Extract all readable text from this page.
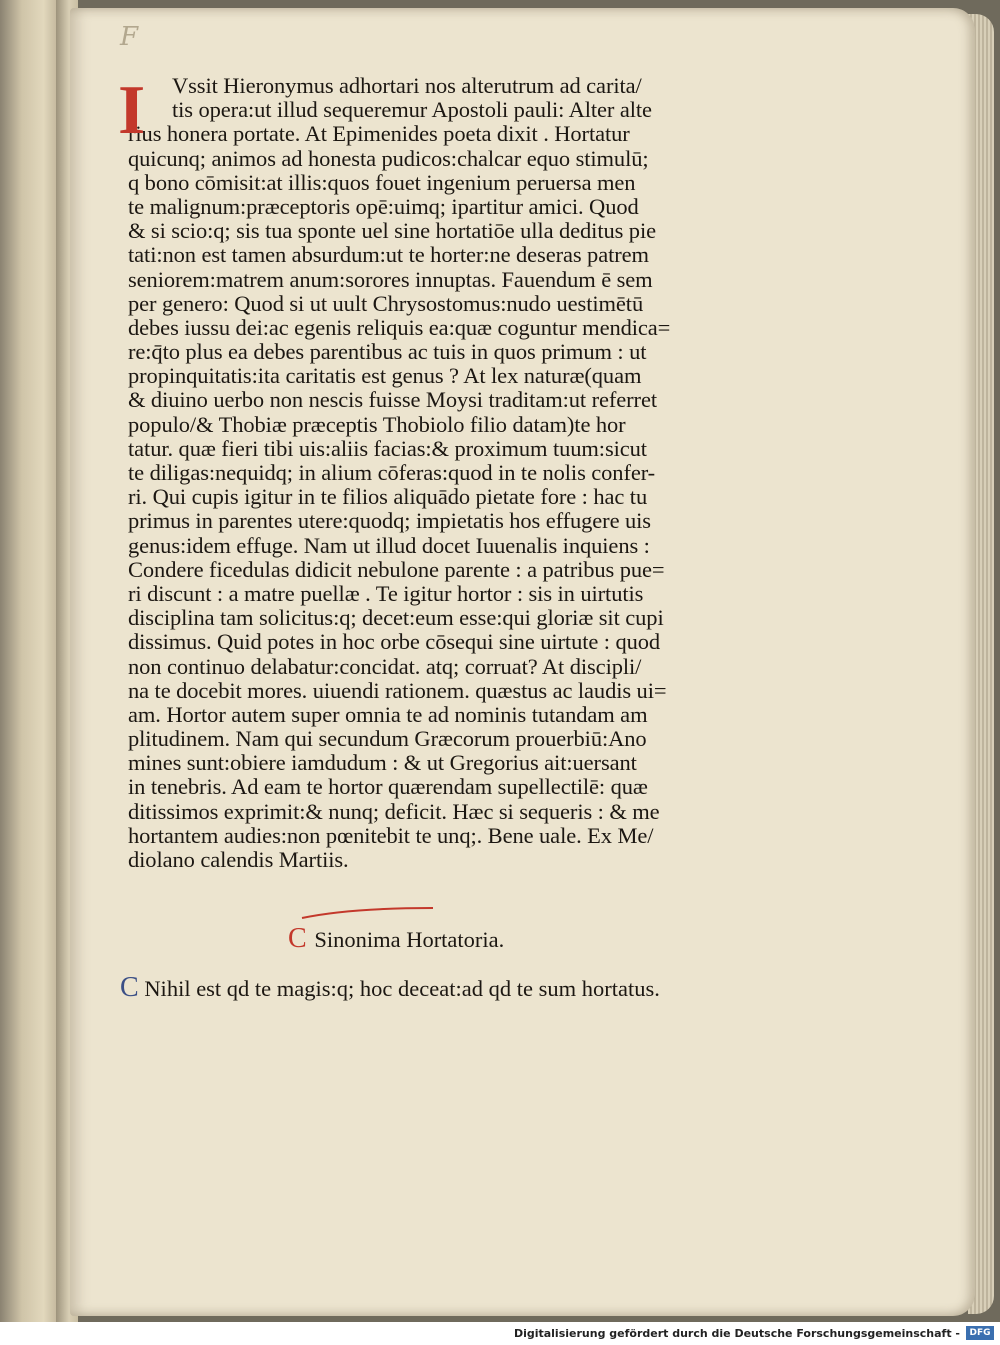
F
I	Vssit Hieronymus adhortari nos alterutrum ad carita/
tis opera:ut illud sequeremur Apostoli pauli: Alter alte
rius honera portate. At Epimenides poeta dixit . Hortatur
quicunq; animos ad honesta pudicos:chalcar equo stimulū;
q bono cōmisit:at illis:quos fouet ingenium peruersa men
te malignum:præceptoris opē:uimq; ipartitur amici. Quod
& si scio:q; sis tua sponte uel sine hortatiōe ulla deditus pie
tati:non est tamen absurdum:ut te horter:ne deseras patrem
seniorem:matrem anum:sorores innuptas. Fauendum ē sem
per genero: Quod si ut uult Chrysostomus:nudo uestimētū
debes iussu dei:ac egenis reliquis ea:quæ coguntur mendica=
re:q̄to plus ea debes parentibus ac tuis in quos primum : ut
propinquitatis:ita caritatis est genus ? At lex naturæ(quam
& diuino uerbo non nescis fuisse Moysi traditam:ut referret
populo/& Thobiæ præceptis Thobiolo filio datam)te hor
tatur. quæ fieri tibi uis:aliis facias:& proximum tuum:sicut
te diligas:nequidq; in alium cōferas:quod in te nolis confer-
ri. Qui cupis igitur in te filios aliquādo pietate fore : hac tu
primus in parentes utere:quodq; impietatis hos effugere uis
genus:idem effuge. Nam ut illud docet Iuuenalis inquiens :
Condere ficedulas didicit nebulone parente : a patribus pue=
ri discunt : a matre puellæ . Te igitur hortor : sis in uirtutis
disciplina tam solicitus:q; decet:eum esse:qui gloriæ sit cupi
dissimus. Quid potes in hoc orbe cōsequi sine uirtute : quod
non continuo delabatur:concidat. atq; corruat? At discipli/
na te docebit mores. uiuendi rationem. quæstus ac laudis ui=
am. Hortor autem super omnia te ad nominis tutandam am
plitudinem. Nam qui secundum Græcorum prouerbiū:Ano
mines sunt:obiere iamdudum : & ut Gregorius ait:uersant
in tenebris. Ad eam te hortor quærendam supellectilē: quæ
ditissimos exprimit:& nunq; deficit. Hæc si sequeris : & me
hortantem audies:non pœnitebit te unq;. Bene uale. Ex Me/
diolano calendis Martiis.
C Sinonima Hortatoria.
C Nihil est qd te magis:q; hoc deceat:ad qd te sum hortatus.
Digitalisierung gefördert durch die Deutsche Forschungsgemeinschaft -	DFG
